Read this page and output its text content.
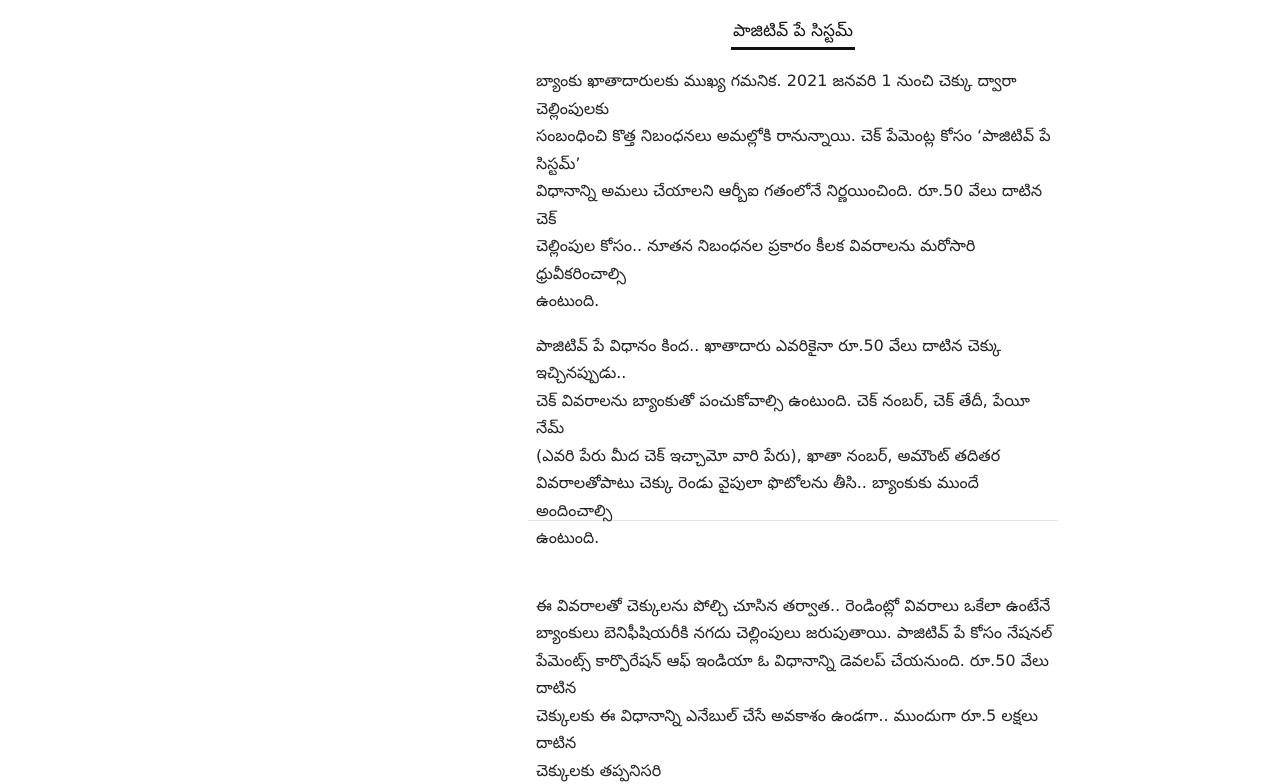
పాజిటివ్ పే సిస్టమ్

బ్యాంకు ఖాతాదారులకు ముఖ్య గమనిక. 2021 జనవరి 1 నుంచి చెక్కు ద్వారా చెల్లింపులకు
సంబంధించి కొత్త నిబంధనలు అమల్లోకి రానున్నాయి. చెక్ పేమెంట్ల కోసం ‘పాజిటివ్ పే సిస్టమ్’
విధానాన్ని అమలు చేయాలని ఆర్బీఐ గతంలోనే నిర్ణయించింది. రూ.50 వేలు దాటిన చెక్
చెల్లింపుల కోసం.. నూతన నిబంధనల ప్రకారం కీలక వివరాలను మరోసారి ధ్రువీకరించాల్సి
ఉంటుంది.

పాజిటివ్ పే విధానం కింద.. ఖాతాదారు ఎవరికైనా రూ.50 వేలు దాటిన చెక్కు ఇచ్చినప్పుడు..
చెక్ వివరాలను బ్యాంకుతో పంచుకోవాల్సి ఉంటుంది. చెక్ నంబర్, చెక్ తేదీ, పేయీ నేమ్
(ఎవరి పేరు మీద చెక్ ఇచ్చామో వారి పేరు), ఖాతా నంబర్, అమౌంట్ తదితర
వివరాలతోపాటు చెక్కు రెండు వైపులా ఫొటోలను తీసి.. బ్యాంకుకు ముందే అందించాల్సి
ఉంటుంది.

ఈ వివరాలతో చెక్కులను పోల్చి చూసిన తర్వాత.. రెండింట్లో వివరాలు ఒకేలా ఉంటేనే
బ్యాంకులు బెనిఫీషియరీకి నగదు చెల్లింపులు జరుపుతాయి. పాజిటివ్ పే కోసం నేషనల్
పేమెంట్స్ కార్పొరేషన్ ఆఫ్ ఇండియా ఓ విధానాన్ని డెవలప్ చేయనుంది. రూ.50 వేలు దాటిన
చెక్కులకు ఈ విధానాన్ని ఎనేబుల్ చేసే అవకాశం ఉండగా.. ముందుగా రూ.5 లక్షలు దాటిన
చెక్కులకు తప్పనిసరి
